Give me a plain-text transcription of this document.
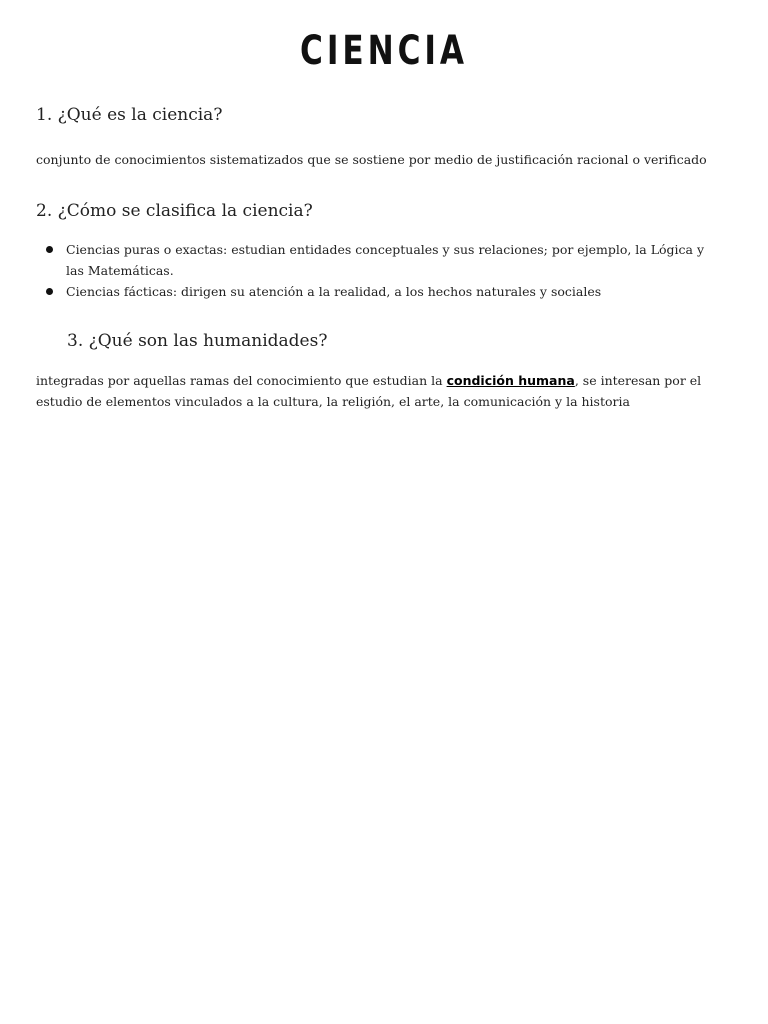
CIENCIA
1. ¿Qué es la ciencia?

conjunto de conocimientos sistematizados que se sostiene por medio de justificación racional o verificado

2. ¿Cómo se clasifica la ciencia?
Ciencias puras o exactas: estudian entidades conceptuales y sus relaciones; por ejemplo, la Lógica y las Matemáticas.
Ciencias fácticas: dirigen su atención a la realidad, a los hechos naturales y sociales
3. ¿Qué son las humanidades?

integradas por aquellas ramas del conocimiento que estudian la condición humana, se interesan por el estudio de elementos vinculados a la cultura, la religión, el arte, la comunicación y la historia
